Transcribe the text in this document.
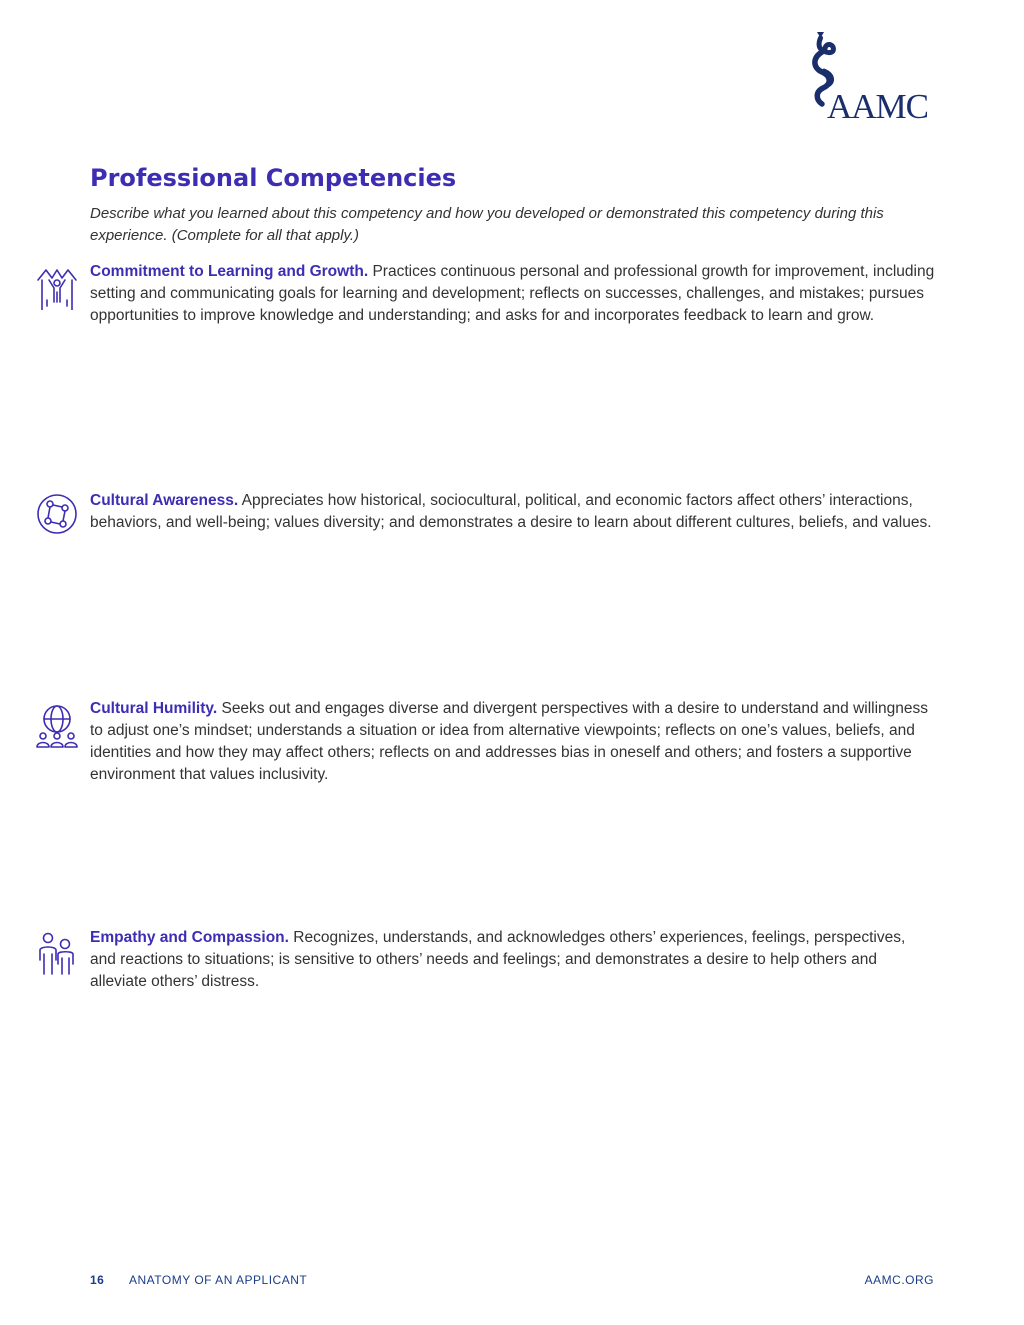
AAMC
Professional Competencies
Describe what you learned about this competency and how you developed or demonstrated this competency during this experience. (Complete for all that apply.)
Commitment to Learning and Growth. Practices continuous personal and professional growth for improvement, including setting and communicating goals for learning and development; reflects on successes, challenges, and mistakes; pursues opportunities to improve knowledge and understanding; and asks for and incorporates feedback to learn and grow.
Cultural Awareness. Appreciates how historical, sociocultural, political, and economic factors affect others’ interactions, behaviors, and well-being; values diversity; and demonstrates a desire to learn about different cultures, beliefs, and values.
Cultural Humility. Seeks out and engages diverse and divergent perspectives with a desire to understand and willingness to adjust one’s mindset; understands a situation or idea from alternative viewpoints; reflects on one’s values, beliefs, and identities and how they may affect others; reflects on and addresses bias in oneself and others; and fosters a supportive environment that values inclusivity.
Empathy and Compassion. Recognizes, understands, and acknowledges others’ experiences, feelings, perspectives, and reactions to situations; is sensitive to others’ needs and feelings; and demonstrates a desire to help others and alleviate others’ distress.
16 ANATOMY OF AN APPLICANT	AAMC.ORG
